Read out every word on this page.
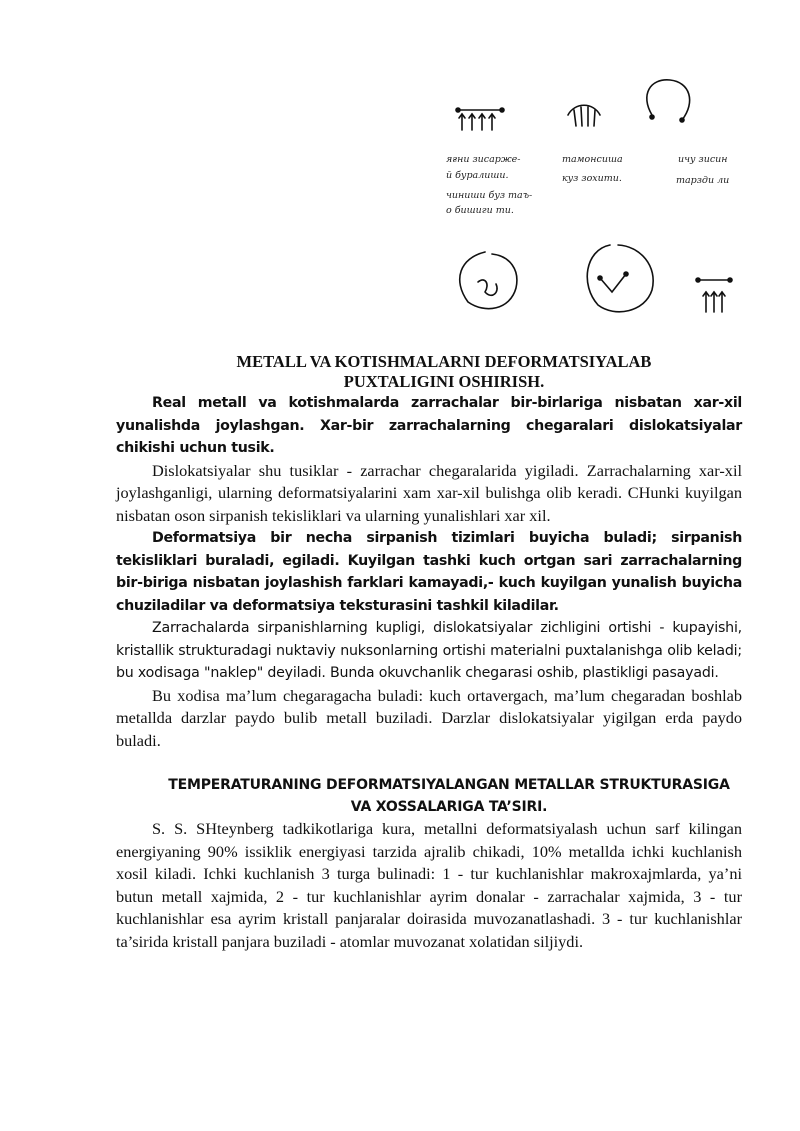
яғни зисарже-
й буралиши.
чиниши буз таъ-
о бишиги ти.
тамонсиша
куз зохити.
ичу зисин
тарзди ли
METALL VA KOTISHMALARNI DEFORMATSIYALAB
PUXTALIGINI OSHIRISH.

Real metall va kotishmalarda zarrachalar bir-birlariga nisbatan xar-xil yunalishda joylashgan. Xar-bir zarrachalarning chegaralari dislokatsiyalar chikishi uchun tusik.

Dislokatsiyalar shu tusiklar - zarrachar chegaralarida yigiladi. Zarrachalarning xar-xil joylashganligi, ularning deformatsiyalarini xam xar-xil bulishga olib keradi. CHunki kuyilgan nisbatan oson sirpanish tekisliklari va ularning yunalishlari xar xil.

Deformatsiya bir necha sirpanish tizimlari buyicha buladi; sirpanish tekisliklari buraladi, egiladi. Kuyilgan tashki kuch ortgan sari zarrachalarning bir-biriga nisbatan joylashish farklari kamayadi,- kuch kuyilgan yunalish buyicha chuziladilar va deformatsiya teksturasini tashkil kiladilar.

Zarrachalarda sirpanishlarning kupligi, dislokatsiyalar zichligini ortishi - kupayishi, kristallik strukturadagi nuktaviy nuksonlarning ortishi materialni puxtalanishga olib keladi; bu xodisaga "naklep" deyiladi. Bunda okuvchanlik chegarasi oshib, plastikligi pasayadi.

Bu xodisa ma’lum chegaragacha buladi: kuch ortavergach, ma’lum chegaradan boshlab metallda darzlar paydo bulib metall buziladi. Darzlar dislokatsiyalar yigilgan erda paydo buladi.

TEMPERATURANING DEFORMATSIYALANGAN METALLAR STRUKTURASIGA
VA XOSSALARIGA TA’SIRI.

S. S. SHteynberg tadkikotlariga kura, metallni deformatsiyalash uchun sarf kilingan energiyaning 90% issiklik energiyasi tarzida ajralib chikadi, 10% metallda ichki kuchlanish xosil kiladi. Ichki kuchlanish 3 turga bulinadi: 1 - tur kuchlanishlar makroxajmlarda, ya’ni butun metall xajmida, 2 - tur kuchlanishlar ayrim donalar - zarrachalar xajmida, 3 - tur kuchlanishlar esa ayrim kristall panjaralar doirasida muvozanatlashadi. 3 - tur kuchlanishlar ta’sirida kristall panjara buziladi - atomlar muvozanat xolatidan siljiydi.
